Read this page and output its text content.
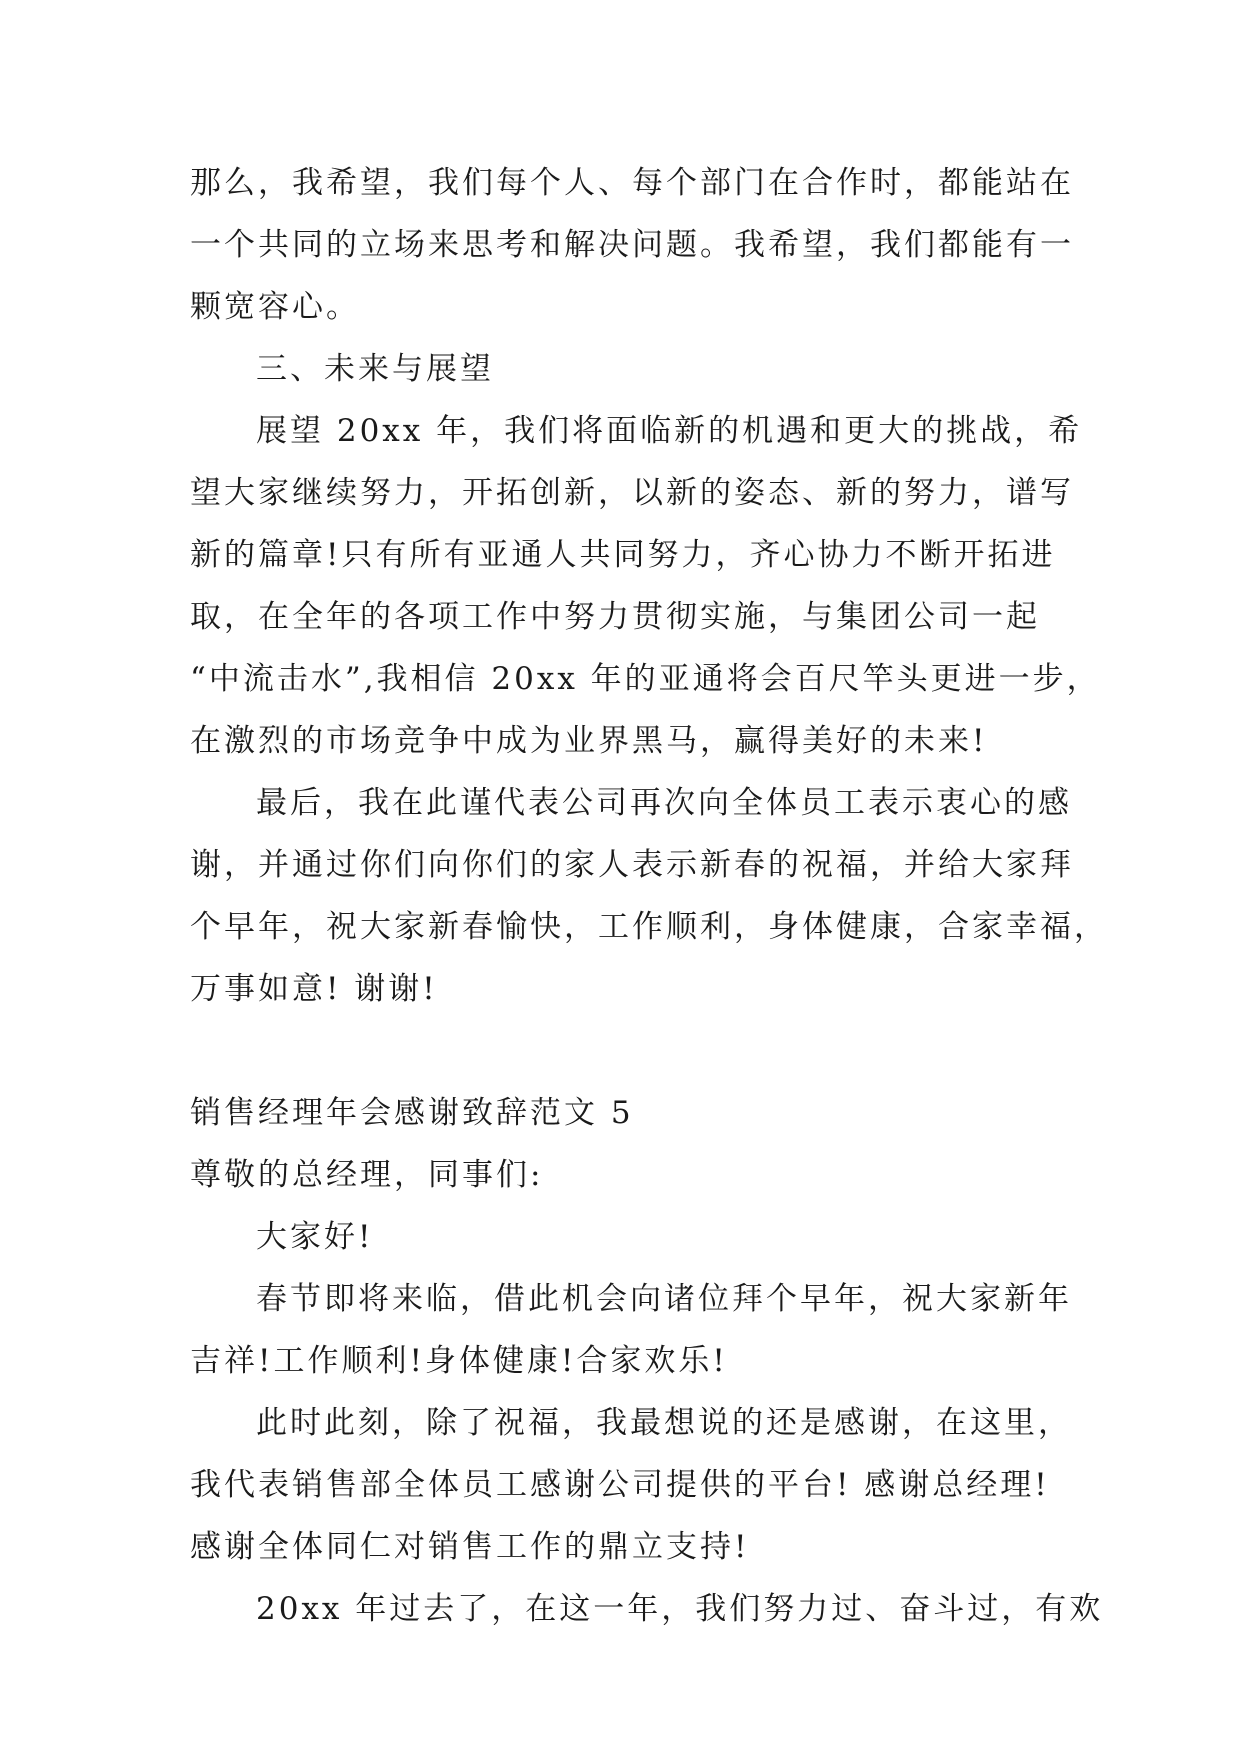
那么，我希望，我们每个人、每个部门在合作时，都能站在
一个共同的立场来思考和解决问题。我希望，我们都能有一
颗宽容心。
三、未来与展望
展望 20xx 年，我们将面临新的机遇和更大的挑战，希
望大家继续努力，开拓创新，以新的姿态、新的努力，谱写
新的篇章!只有所有亚通人共同努力，齐心协力不断开拓进
取，在全年的各项工作中努力贯彻实施，与集团公司一起
“中流击水”,我相信 20xx 年的亚通将会百尺竿头更进一步，
在激烈的市场竞争中成为业界黑马，赢得美好的未来!
最后，我在此谨代表公司再次向全体员工表示衷心的感
谢，并通过你们向你们的家人表示新春的祝福，并给大家拜
个早年，祝大家新春愉快，工作顺利，身体健康，合家幸福，
万事如意! 谢谢!
销售经理年会感谢致辞范文 5
尊敬的总经理，同事们:
大家好!
春节即将来临，借此机会向诸位拜个早年，祝大家新年
吉祥!工作顺利!身体健康!合家欢乐!
此时此刻，除了祝福，我最想说的还是感谢，在这里，
我代表销售部全体员工感谢公司提供的平台! 感谢总经理!
感谢全体同仁对销售工作的鼎立支持!
20xx 年过去了，在这一年，我们努力过、奋斗过，有欢
